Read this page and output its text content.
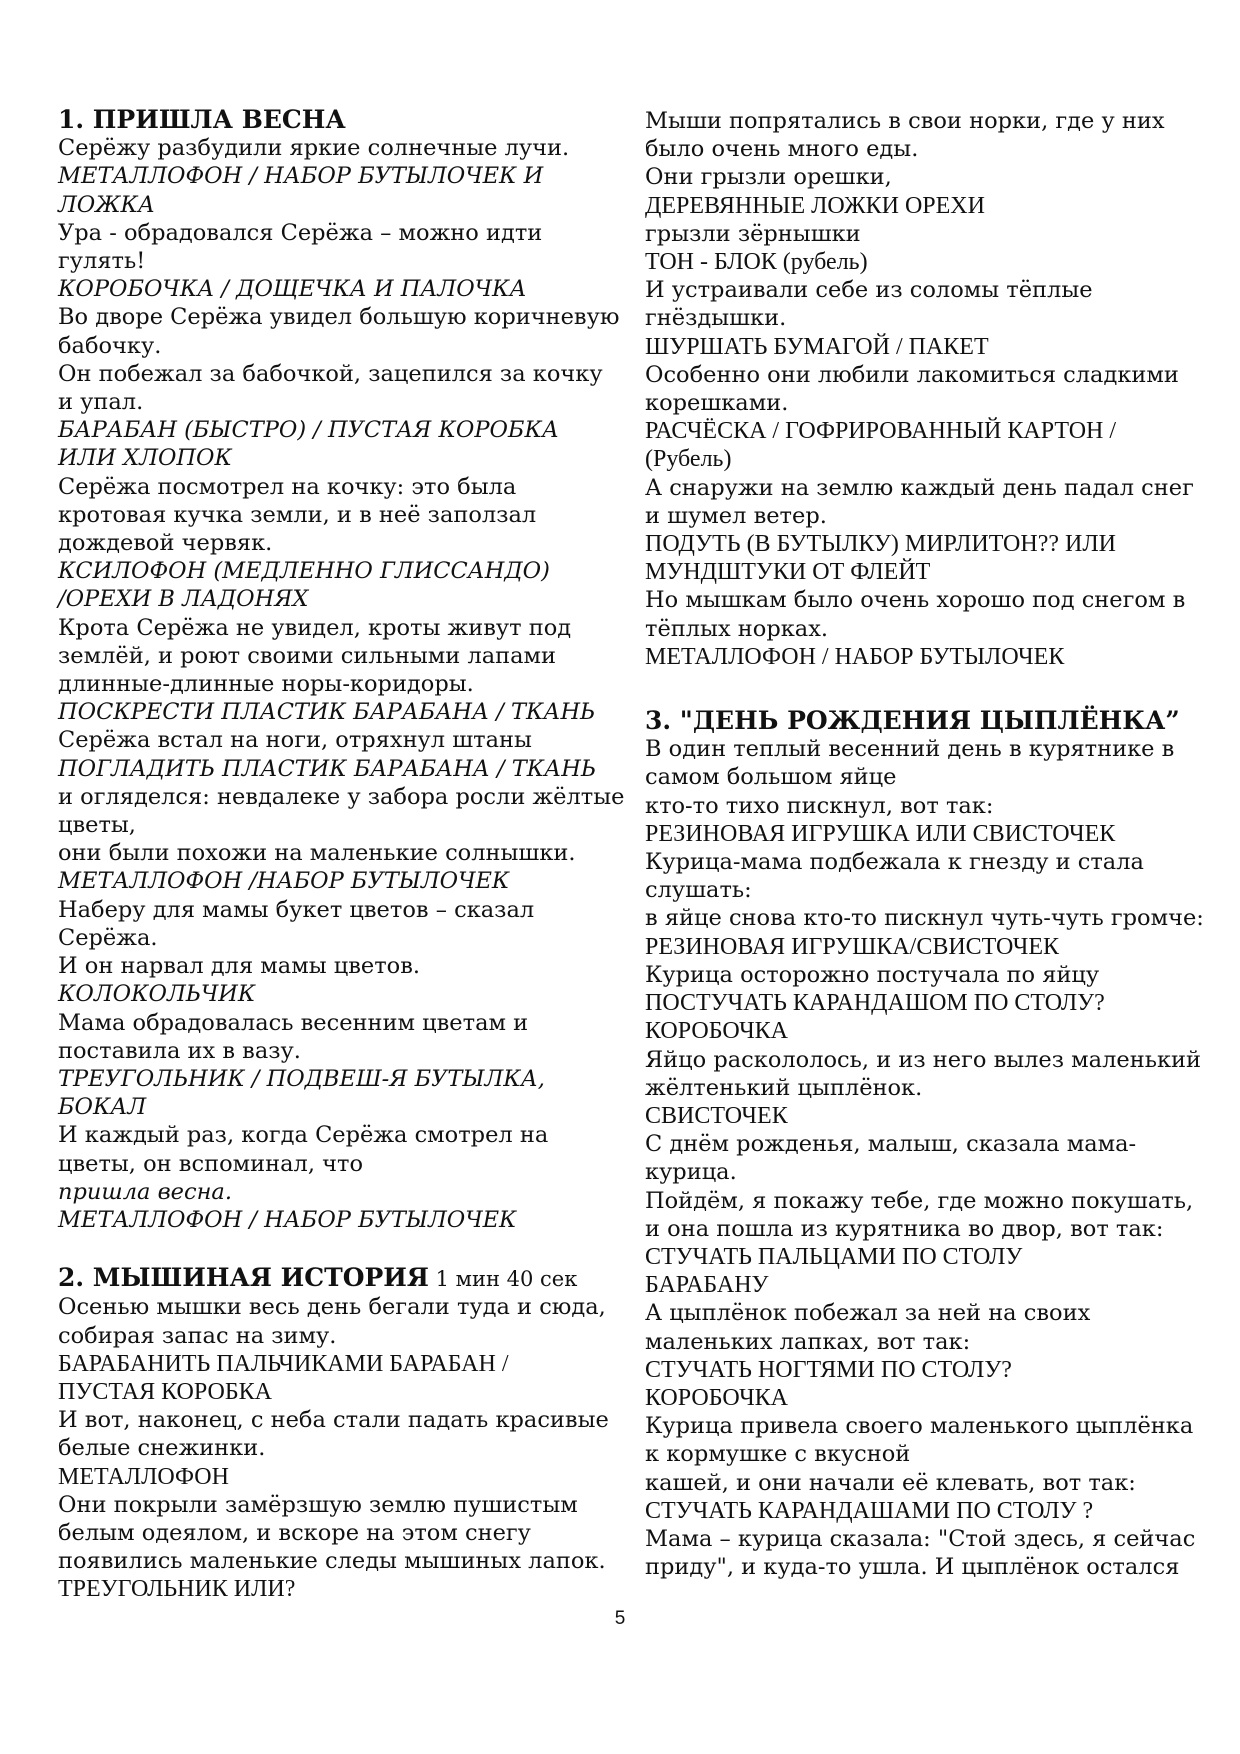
1. ПРИШЛА ВЕСНА
Серёжу разбудили яркие солнечные лучи.
МЕТАЛЛОФОН / НАБОР БУТЫЛОЧЕК И
ЛОЖКА
Ура - обрадовался Серёжа – можно идти
гулять!
КОРОБОЧКА / ДОЩЕЧКА И ПАЛОЧКА
Во дворе Серёжа увидел большую коричневую
бабочку.
Он побежал за бабочкой, зацепился за кочку
и упал.
БАРАБАН (БЫСТРО) / ПУСТАЯ КОРОБКА
ИЛИ ХЛОПОК
Серёжа посмотрел на кочку: это была
кротовая кучка земли, и в неё заползал
дождевой червяк.
КСИЛОФОН (МЕДЛЕННО ГЛИССАНДО)
/ОРЕХИ В ЛАДОНЯХ
Крота Серёжа не увидел, кроты живут под
землёй, и роют своими сильными лапами
длинные-длинные норы-коридоры.
ПОСКРЕСТИ ПЛАСТИК БАРАБАНА / ТКАНЬ
Серёжа встал на ноги, отряхнул штаны
ПОГЛАДИТЬ ПЛАСТИК БАРАБАНА / ТКАНЬ
и огляделся: невдалеке у забора росли жёлтые
цветы,
они были похожи на маленькие солнышки.
МЕТАЛЛОФОН /НАБОР БУТЫЛОЧЕК
Наберу для мамы букет цветов – сказал
Серёжа.
И он нарвал для мамы цветов.
КОЛОКОЛЬЧИК
Мама обрадовалась весенним цветам и
поставила их в вазу.
ТРЕУГОЛЬНИК / ПОДВЕШ-Я БУТЫЛКА,
БОКАЛ
И каждый раз, когда Серёжа смотрел на
цветы, он вспоминал, что
пришла весна.
МЕТАЛЛОФОН / НАБОР БУТЫЛОЧЕК
2. МЫШИНАЯ ИСТОРИЯ 1 мин 40 сек
Осенью мышки весь день бегали туда и сюда,
собирая запас на зиму.
БАРАБАНИТЬ ПАЛЬЧИКАМИ БАРАБАН /
ПУСТАЯ КОРОБКА
И вот, наконец, с неба стали падать красивые
белые снежинки.
МЕТАЛЛОФОН
Они покрыли замёрзшую землю пушистым
белым одеялом, и вскоре на этом снегу
появились маленькие следы мышиных лапок.
ТРЕУГОЛЬНИК ИЛИ?
Мыши попрятались в свои норки, где у них
было очень много еды.
Они грызли орешки,
ДЕРЕВЯННЫЕ ЛОЖКИ ОРЕХИ
грызли зёрнышки
ТОН - БЛОК (рубель)
И устраивали себе из соломы тёплые
гнёздышки.
ШУРШАТЬ БУМАГОЙ / ПАКЕТ
Особенно они любили лакомиться сладкими
корешками.
РАСЧЁСКА / ГОФРИРОВАННЫЙ КАРТОН /
(Рубель)
А снаружи на землю каждый день падал снег
и шумел ветер.
ПОДУТЬ (В БУТЫЛКУ) МИРЛИТОН?? ИЛИ
МУНДШТУКИ ОТ ФЛЕЙТ
Но мышкам было очень хорошо под снегом в
тёплых норках.
МЕТАЛЛОФОН / НАБОР БУТЫЛОЧЕК
3. "ДЕНЬ РОЖДЕНИЯ ЦЫПЛЁНКА”
В один теплый весенний день в курятнике в
самом большом яйце
кто-то тихо пискнул, вот так:
РЕЗИНОВАЯ ИГРУШКА ИЛИ СВИСТОЧЕК
Курица-мама подбежала к гнезду и стала
слушать:
в яйце снова кто-то пискнул чуть-чуть громче:
РЕЗИНОВАЯ ИГРУШКА/СВИСТОЧЕК
Курица осторожно постучала по яйцу
ПОСТУЧАТЬ КАРАНДАШОМ ПО СТОЛУ?
КОРОБОЧКА
Яйцо раскололось, и из него вылез маленький
жёлтенький цыплёнок.
СВИСТОЧЕК
С днём рожденья, малыш, сказала мама-
курица.
Пойдём, я покажу тебе, где можно покушать,
и она пошла из курятника во двор, вот так:
СТУЧАТЬ ПАЛЬЦАМИ ПО СТОЛУ
БАРАБАНУ
А цыплёнок побежал за ней на своих
маленьких лапках, вот так:
СТУЧАТЬ НОГТЯМИ ПО СТОЛУ?
КОРОБОЧКА
Курица привела своего маленького цыплёнка
к кормушке с вкусной
кашей, и они начали её клевать, вот так:
СТУЧАТЬ КАРАНДАШАМИ ПО СТОЛУ ?
Мама – курица сказала: "Стой здесь, я сейчас
приду", и куда-то ушла. И цыплёнок остался
5
